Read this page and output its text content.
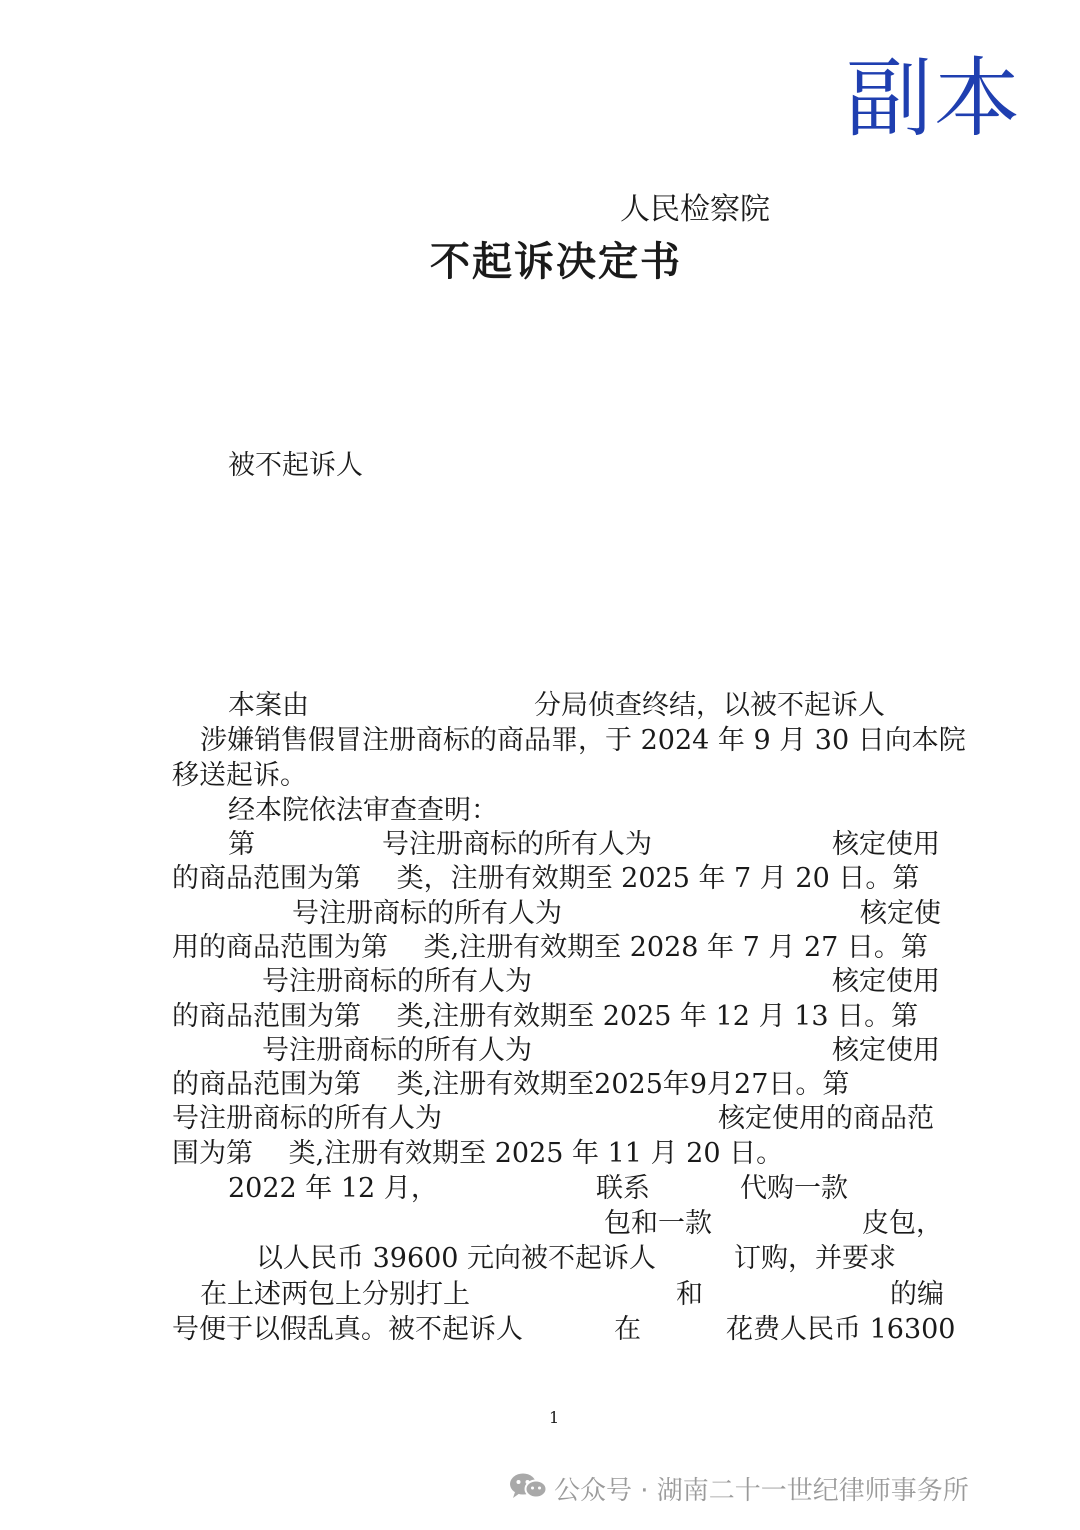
副本
人民检察院
不起诉决定书
被不起诉人
本案由	分局侦查终结，以被不起诉人
涉嫌销售假冒注册商标的商品罪，于 2024 年 9 月 30 日向本院
移送起诉。
经本院依法审查查明：
第	号注册商标的所有人为	核定使用
的商品范围为第　 类，注册有效期至 2025 年 7 月 20 日。第
号注册商标的所有人为	核定使
用的商品范围为第　 类,注册有效期至 2028 年 7 月 27 日。第
号注册商标的所有人为	核定使用
的商品范围为第　 类,注册有效期至 2025 年 12 月 13 日。第
号注册商标的所有人为	核定使用
的商品范围为第　 类,注册有效期至2025年9月27日。第
号注册商标的所有人为	核定使用的商品范
围为第　 类,注册有效期至 2025 年 11 月 20 日。
2022 年 12 月，	联系	代购一款
包和一款	皮包，
以人民币 39600 元向被不起诉人	订购，并要求
在上述两包上分别打上	和	的编
号便于以假乱真。被不起诉人	在	花费人民币 16300
1
公众号 · 湖南二十一世纪律师事务所
